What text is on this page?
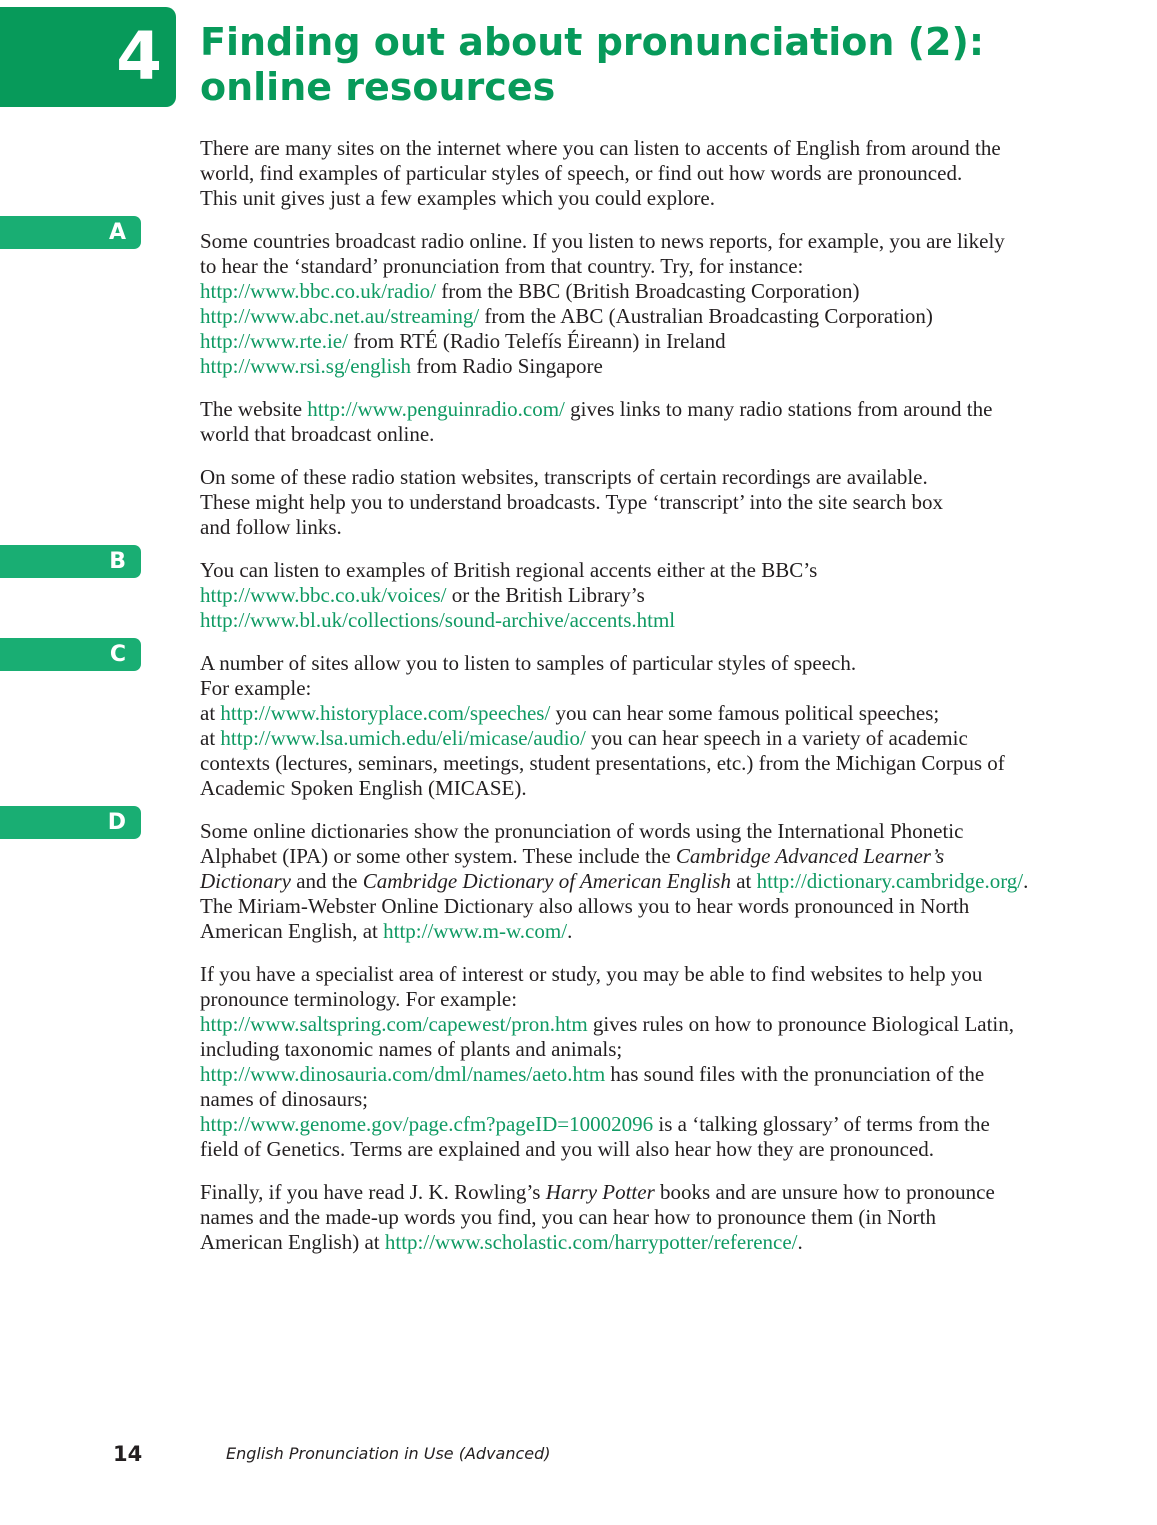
4	Finding out about pronunciation (2):
online resources

There are many sites on the internet where you can listen to accents of English from around the
world, find examples of particular styles of speech, or find out how words are pronounced.
This unit gives just a few examples which you could explore.

A	Some countries broadcast radio online. If you listen to news reports, for example, you are likely
to hear the ‘standard’ pronunciation from that country. Try, for instance:
http://www.bbc.co.uk/radio/ from the BBC (British Broadcasting Corporation)
http://www.abc.net.au/streaming/ from the ABC (Australian Broadcasting Corporation)
http://www.rte.ie/ from RTÉ (Radio Telefís Éireann) in Ireland
http://www.rsi.sg/english from Radio Singapore

The website http://www.penguinradio.com/ gives links to many radio stations from around the
world that broadcast online.

On some of these radio station websites, transcripts of certain recordings are available.
These might help you to understand broadcasts. Type ‘transcript’ into the site search box
and follow links.

B	You can listen to examples of British regional accents either at the BBC’s
http://www.bbc.co.uk/voices/ or the British Library’s
http://www.bl.uk/collections/sound-archive/accents.html

C	A number of sites allow you to listen to samples of particular styles of speech.
For example:
at http://www.historyplace.com/speeches/ you can hear some famous political speeches;
at http://www.lsa.umich.edu/eli/micase/audio/ you can hear speech in a variety of academic
contexts (lectures, seminars, meetings, student presentations, etc.) from the Michigan Corpus of
Academic Spoken English (MICASE).

D	Some online dictionaries show the pronunciation of words using the International Phonetic
Alphabet (IPA) or some other system. These include the Cambridge Advanced Learner’s
Dictionary and the Cambridge Dictionary of American English at http://dictionary.cambridge.org/.
The Miriam-Webster Online Dictionary also allows you to hear words pronounced in North
American English, at http://www.m-w.com/.

If you have a specialist area of interest or study, you may be able to find websites to help you
pronounce terminology. For example:
http://www.saltspring.com/capewest/pron.htm gives rules on how to pronounce Biological Latin,
including taxonomic names of plants and animals;
http://www.dinosauria.com/dml/names/aeto.htm has sound files with the pronunciation of the
names of dinosaurs;
http://www.genome.gov/page.cfm?pageID=10002096 is a ‘talking glossary’ of terms from the
field of Genetics. Terms are explained and you will also hear how they are pronounced.

Finally, if you have read J. K. Rowling’s Harry Potter books and are unsure how to pronounce
names and the made-up words you find, you can hear how to pronounce them (in North
American English) at http://www.scholastic.com/harrypotter/reference/.

14	English Pronunciation in Use (Advanced)
